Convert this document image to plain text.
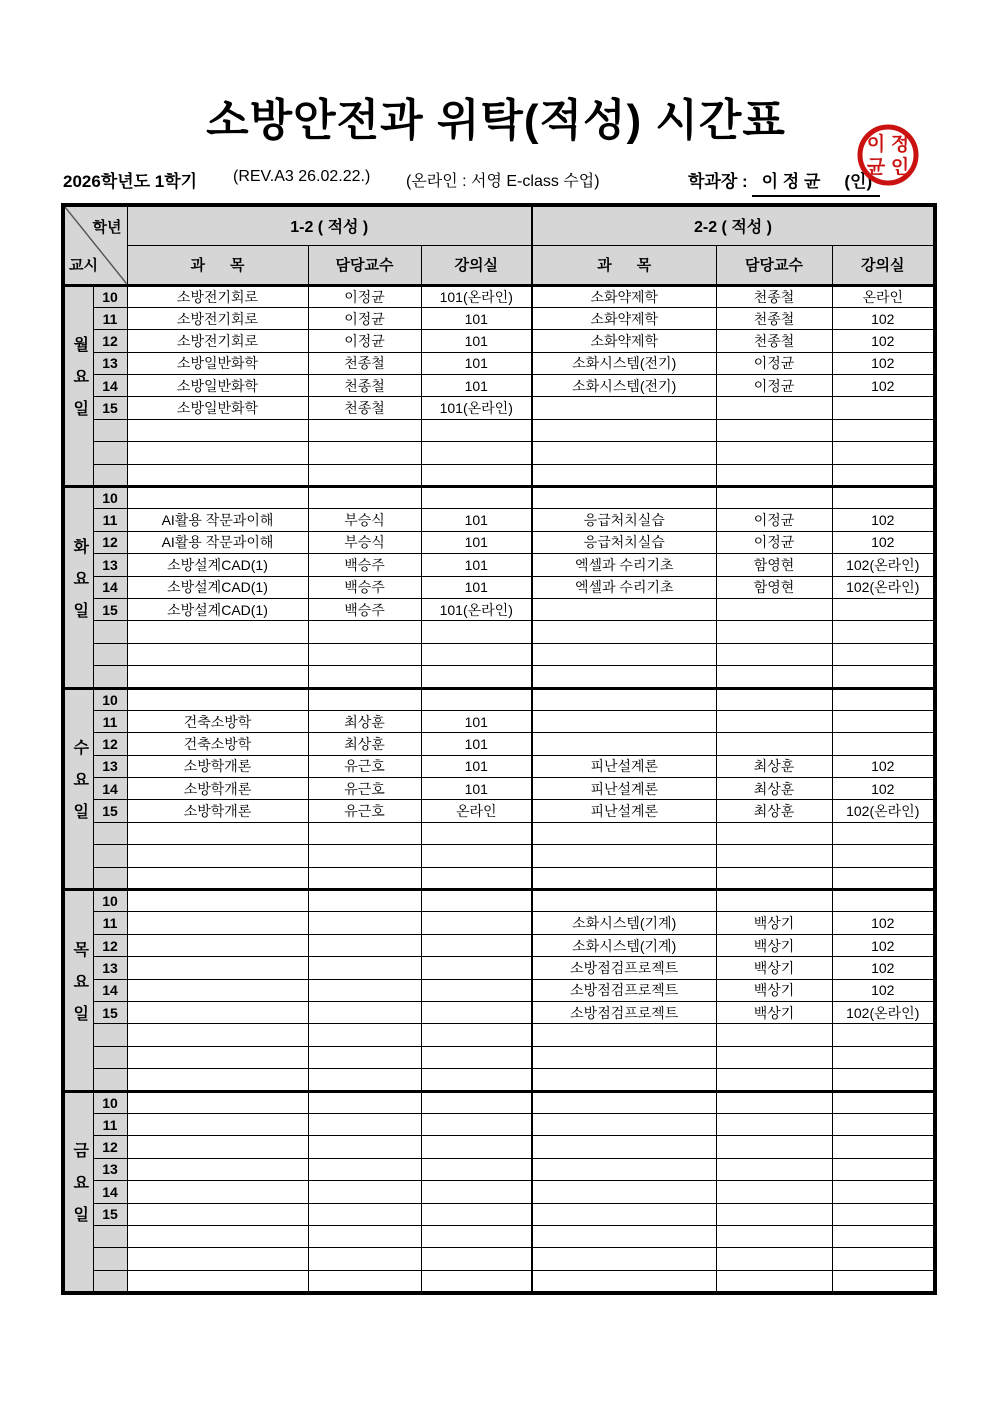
소방안전과 위탁(적성) 시간표
2026학년도 1학기 (REV.A3 26.02.22.) (온라인 : 서영 E-class 수업)	학과장 : 이 정 균 (인)
이 정
균 인
학년
교시		1-2 ( 적성 )			2-2 ( 적성 )		
		과      목	담당교수	강의실	과      목	담당교수	강의실
월요일	10	소방전기회로	이정균	101(온라인)	소화약제학	천종철	온라인
	11	소방전기회로	이정균	101	소화약제학	천종철	102
	12	소방전기회로	이정균	101	소화약제학	천종철	102
	13	소방일반화학	천종철	101	소화시스템(전기)	이정균	102
	14	소방일반화학	천종철	101	소화시스템(전기)	이정균	102
	15	소방일반화학	천종철	101(온라인)			

화요일	10						
	11	AI활용 작문과이해	부승식	101	응급처치실습	이정균	102
	12	AI활용 작문과이해	부승식	101	응급처치실습	이정균	102
	13	소방설계CAD(1)	백승주	101	엑셀과 수리기초	함영현	102(온라인)
	14	소방설계CAD(1)	백승주	101	엑셀과 수리기초	함영현	102(온라인)
	15	소방설계CAD(1)	백승주	101(온라인)			

수요일	10						
	11	건축소방학	최상훈	101			
	12	건축소방학	최상훈	101			
	13	소방학개론	유근호	101	피난설계론	최상훈	102
	14	소방학개론	유근호	101	피난설계론	최상훈	102
	15	소방학개론	유근호	온라인	피난설계론	최상훈	102(온라인)

목요일	10						
	11				소화시스템(기계)	백상기	102
	12				소화시스템(기계)	백상기	102
	13				소방점검프로젝트	백상기	102
	14				소방점검프로젝트	백상기	102
	15				소방점검프로젝트	백상기	102(온라인)

금요일	10						
	11						
	12						
	13						
	14						
	15						
